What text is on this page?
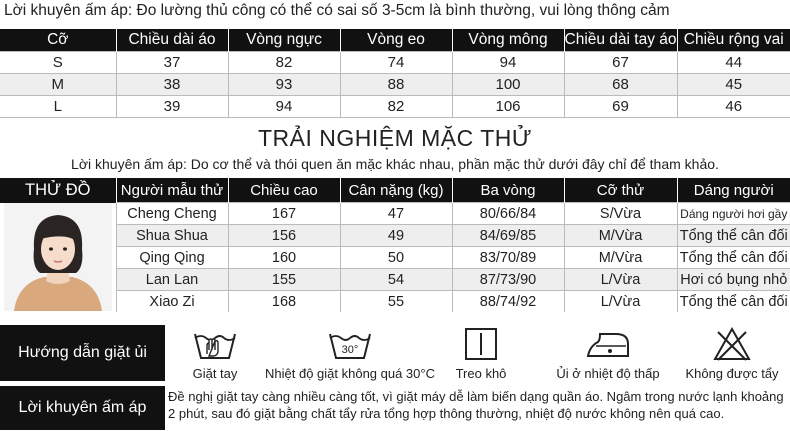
Lời khuyên ấm áp: Đo lường thủ công có thể có sai số 3-5cm là bình thường, vui lòng thông cảm
Cỡ	Chiều dài áo	Vòng ngực	Vòng eo	Vòng mông	Chiều dài tay áo	Chiều rộng vai
S	37	82	74	94	67	44
M	38	93	88	100	68	45
L	39	94	82	106	69	46
TRẢI NGHIỆM MẶC THỬ
Lời khuyên ấm áp: Do cơ thể và thói quen ăn mặc khác nhau, phần mặc thử dưới đây chỉ để tham khảo.
THỬ ĐỒ	Người mẫu thử	Chiều cao	Cân nặng (kg)	Ba vòng	Cỡ thử	Dáng người

	Cheng Cheng	167	47	80/66/84	S/Vừa	Dáng người hơi gầy
	Shua Shua	156	49	84/69/85	M/Vừa	Tổng thể cân đối
	Qing Qing	160	50	83/70/89	M/Vừa	Tổng thể cân đối
	Lan Lan	155	54	87/73/90	L/Vừa	Hơi có bụng nhỏ
	Xiao Zi	168	55	88/74/92	L/Vừa	Tổng thể cân đối
Hướng dẫn giặt ủi
Giặt tay
30°
Nhiệt độ giặt không quá 30°C	Treo khô	Ủi ở nhiệt độ thấp	Không được tẩy
Lời khuyên ấm áp
Đề nghị giặt tay càng nhiều càng tốt, vì giặt máy dễ làm biến dạng quần áo. Ngâm trong nước lạnh khoảng 2 phút, sau đó giặt bằng chất tẩy rửa tổng hợp thông thường, nhiệt độ nước không nên quá cao.
